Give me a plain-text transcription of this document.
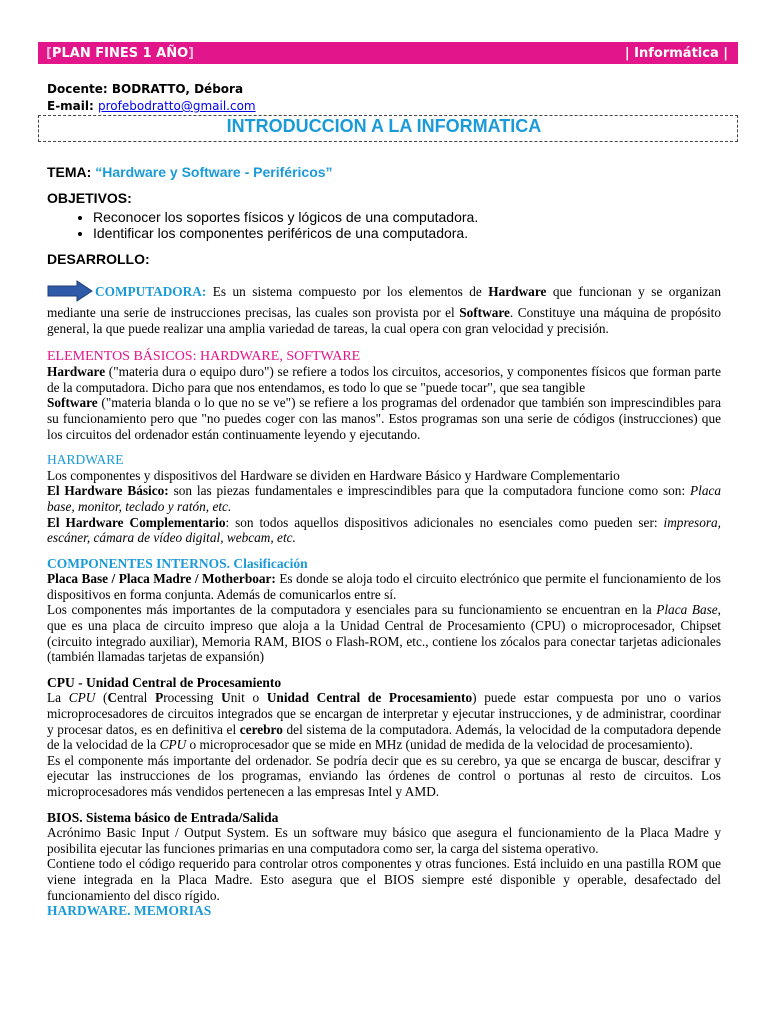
[PLAN FINES 1 AÑO]	| Informática |
Docente: BODRATTO, Débora
E-mail: profebodratto@gmail.com
INTRODUCCION A LA INFORMATICA
TEMA: “Hardware y Software - Periféricos”
OBJETIVOS:
• Reconocer los soportes físicos y lógicos de una computadora.
• Identificar los componentes periféricos de una computadora.
DESARROLLO:

COMPUTADORA: Es un sistema compuesto por los elementos de Hardware que funcionan y se organizan mediante una serie de instrucciones precisas, las cuales son provista por el Software. Constituye una máquina de propósito general, la que puede realizar una amplia variedad de tareas, la cual opera con gran velocidad y precisión.

ELEMENTOS BÁSICOS: HARDWARE, SOFTWARE

Hardware ("materia dura o equipo duro") se refiere a todos los circuitos, accesorios, y componentes físicos que forman parte de la computadora. Dicho para que nos entendamos, es todo lo que se "puede tocar", que sea tangible

Software ("materia blanda o lo que no se ve") se refiere a los programas del ordenador que también son imprescindibles para su funcionamiento pero que "no puedes coger con las manos". Estos programas son una serie de códigos (instrucciones) que los circuitos del ordenador están continuamente leyendo y ejecutando.

HARDWARE

Los componentes y dispositivos del Hardware se dividen en Hardware Básico y Hardware Complementario

El Hardware Básico: son las piezas fundamentales e imprescindibles para que la computadora funcione como son: Placa base, monitor, teclado y ratón, etc.

El Hardware Complementario: son todos aquellos dispositivos adicionales no esenciales como pueden ser: impresora, escáner, cámara de vídeo digital, webcam, etc.

COMPONENTES INTERNOS. Clasificación

Placa Base / Placa Madre / Motherboar: Es donde se aloja todo el circuito electrónico que permite el funcionamiento de los dispositivos en forma conjunta. Además de comunicarlos entre sí.

Los componentes más importantes de la computadora y esenciales para su funcionamiento se encuentran en la Placa Base, que es una placa de circuito impreso que aloja a la Unidad Central de Procesamiento (CPU) o microprocesador, Chipset (circuito integrado auxiliar), Memoria RAM, BIOS o Flash-ROM, etc., contiene los zócalos para conectar tarjetas adicionales (también llamadas tarjetas de expansión)

CPU - Unidad Central de Procesamiento

La CPU (Central Processing Unit o Unidad Central de Procesamiento) puede estar compuesta por uno o varios microprocesadores de circuitos integrados que se encargan de interpretar y ejecutar instrucciones, y de administrar, coordinar y procesar datos, es en definitiva el cerebro del sistema de la computadora. Además, la velocidad de la computadora depende de la velocidad de la CPU o microprocesador que se mide en MHz (unidad de medida de la velocidad de procesamiento).

Es el componente más importante del ordenador. Se podría decir que es su cerebro, ya que se encarga de buscar, descifrar y ejecutar las instrucciones de los programas, enviando las órdenes de control o portunas al resto de circuitos. Los microprocesadores más vendidos pertenecen a las empresas Intel y AMD.

BIOS. Sistema básico de Entrada/Salida

Acrónimo Basic Input / Output System. Es un software muy básico que asegura el funcionamiento de la Placa Madre y posibilita ejecutar las funciones primarias en una computadora como ser, la carga del sistema operativo.

Contiene todo el código requerido para controlar otros componentes y otras funciones. Está incluido en una pastilla ROM que viene integrada en la Placa Madre. Esto asegura que el BIOS siempre esté disponible y operable, desafectado del funcionamiento del disco rígido.

HARDWARE. MEMORIAS
